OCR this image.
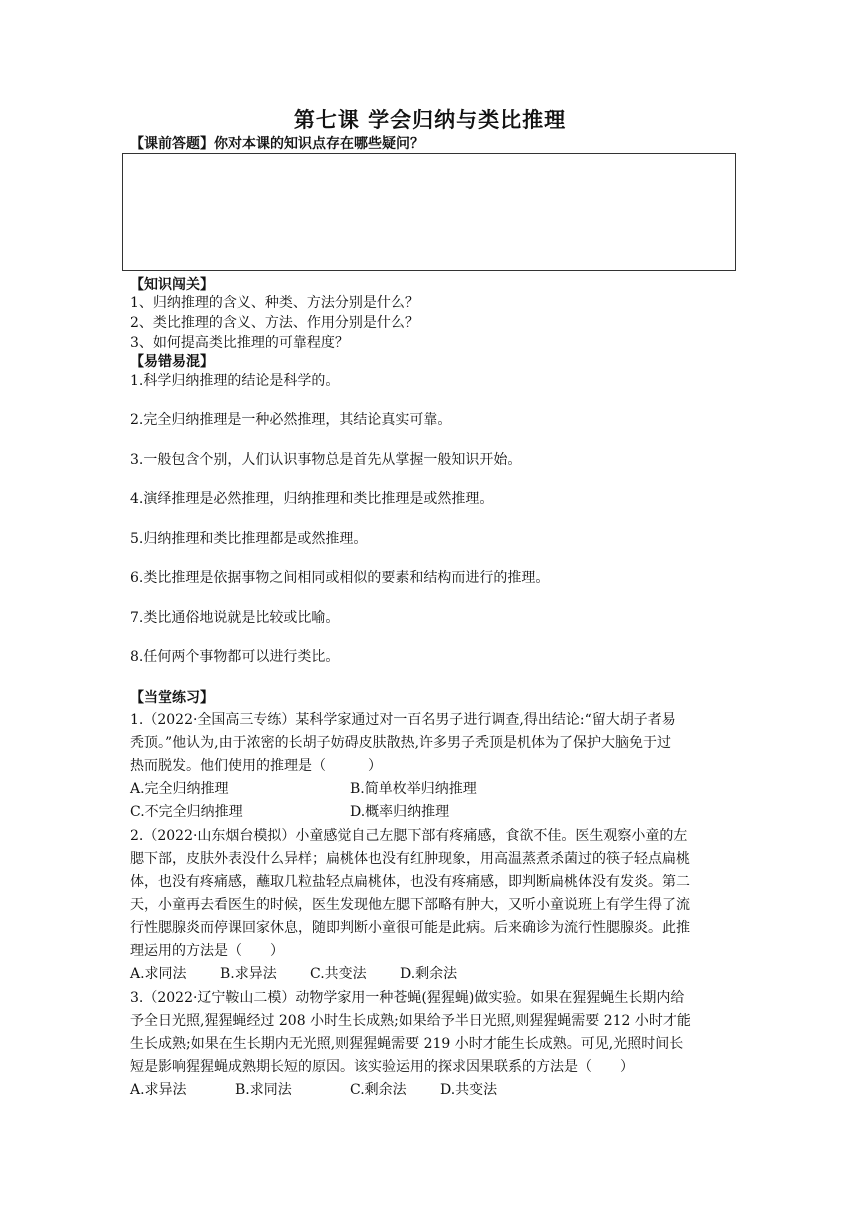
第七课 学会归纳与类比推理
【课前答题】你对本课的知识点存在哪些疑问？
【知识闯关】
1、归纳推理的含义、种类、方法分别是什么？
2、类比推理的含义、方法、作用分别是什么？
3、如何提高类比推理的可靠程度？
【易错易混】
1.科学归纳推理的结论是科学的。
2.完全归纳推理是一种必然推理，其结论真实可靠。
3.一般包含个别，人们认识事物总是首先从掌握一般知识开始。
4.演绎推理是必然推理，归纳推理和类比推理是或然推理。
5.归纳推理和类比推理都是或然推理。
6.类比推理是依据事物之间相同或相似的要素和结构而进行的推理。
7.类比通俗地说就是比较或比喻。
8.任何两个事物都可以进行类比。
【当堂练习】
1.（2022·全国高三专练）某科学家通过对一百名男子进行调查,得出结论:“留大胡子者易
秃顶。”他认为,由于浓密的长胡子妨碍皮肤散热,许多男子秃顶是机体为了保护大脑免于过
热而脱发。他们使用的推理是（　　　）
A.完全归纳推理	B.简单枚举归纳推理
C.不完全归纳推理	D.概率归纳推理
2.（2022·山东烟台模拟）小童感觉自己左腮下部有疼痛感，食欲不佳。医生观察小童的左
腮下部，皮肤外表没什么异样；扁桃体也没有红肿现象，用高温蒸煮杀菌过的筷子轻点扁桃
体，也没有疼痛感，蘸取几粒盐轻点扁桃体，也没有疼痛感，即判断扁桃体没有发炎。第二
天，小童再去看医生的时候，医生发现他左腮下部略有肿大，又听小童说班上有学生得了流
行性腮腺炎而停课回家休息，随即判断小童很可能是此病。后来确诊为流行性腮腺炎。此推
理运用的方法是（　　）
A.求同法 B.求异法 C.共变法 D.剩余法
3.（2022·辽宁鞍山二模）动物学家用一种苍蝇(猩猩蝇)做实验。如果在猩猩蝇生长期内给
予全日光照,猩猩蝇经过 208 小时生长成熟;如果给予半日光照,则猩猩蝇需要 212 小时才能
生长成熟;如果在生长期内无光照,则猩猩蝇需要 219 小时才能生长成熟。可见,光照时间长
短是影响猩猩蝇成熟期长短的原因。该实验运用的探求因果联系的方法是（　　）
A.求异法	B.求同法	C.剩余法 D.共变法
